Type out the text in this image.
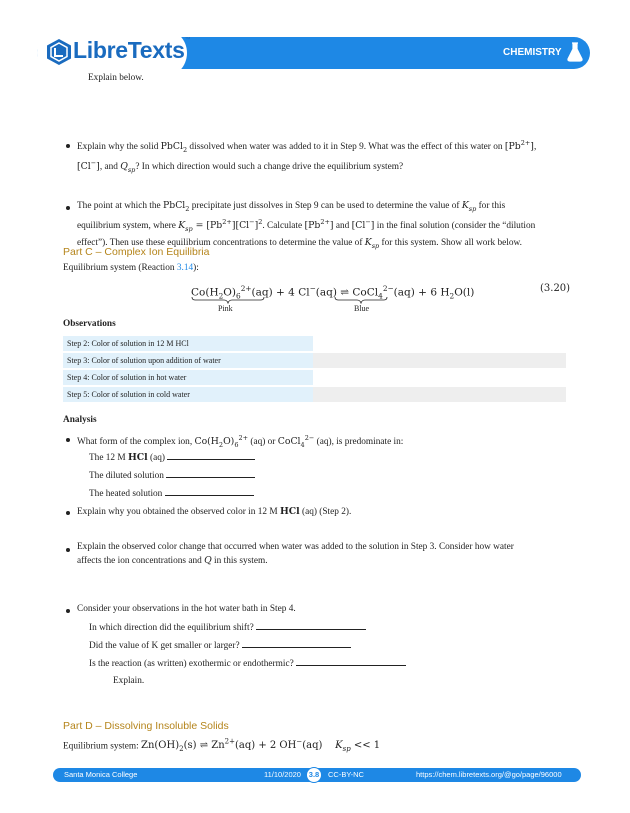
LibreTexts™
CHEMISTRY
Explain below.
Explain why the solid PbCl$_2$ dissolved when water was added to it in Step 9. What was the effect of this water on $[Pb^{2+}]$,
[Cl−], and $Q_{sp}$? In which direction would such a change drive the equilibrium system?
The point at which the PbCl$_2$ precipitate just dissolves in Step 9 can be used to determine the value of $K_{sp}$ for this
equilibrium system, where $K_{sp} = [Pb^{2+}][Cl^-]^2$. Calculate $[Pb^{2+}]$ and [Cl−] in the final solution (consider the “dilution
effect”). Then use these equilibrium concentrations to determine the value of $K_{sp}$ for this system. Show all work below.
Part C – Complex Ion Equilibria
Equilibrium system (Reaction 3.14):
$Co(H_2O)_6^{2+}(aq) + 4$ Cl−(aq) ⇌ CoCl$_4^{2-}$(aq) + 6 $H_2O(l)$
Pink	Blue
(3.20)
Observations
Step 2: Color of solution in 12 M HCl
Step 3: Color of solution upon addition of water
Step 4: Color of solution in hot water
Step 5: Color of solution in cold water
Analysis
What form of the complex ion, $Co(H_2O)_6^{2+}$ (aq) or CoCl$_4^{2-}$ (aq), is predominate in:
The 12 M HCl (aq)
The diluted solution
The heated solution
Explain why you obtained the observed color in 12 M HCl (aq) (Step 2).
Explain the observed color change that occurred when water was added to the solution in Step 3. Consider how water
affects the ion concentrations and Q in this system.
Consider your observations in the hot water bath in Step 4.
In which direction did the equilibrium shift?
Did the value of K get smaller or larger?
Is the reaction (as written) exothermic or endothermic?
Explain.
Part D – Dissolving Insoluble Solids
Equilibrium system: $Zn(OH)_2(s)$ ⇌ $Zn^{2+}(aq) + 2$ OH−(aq)    $K_{sp} << 1$
Santa Monica College	11/10/2020	3.8	CC-BY-NC	https://chem.libretexts.org/@go/page/96000
